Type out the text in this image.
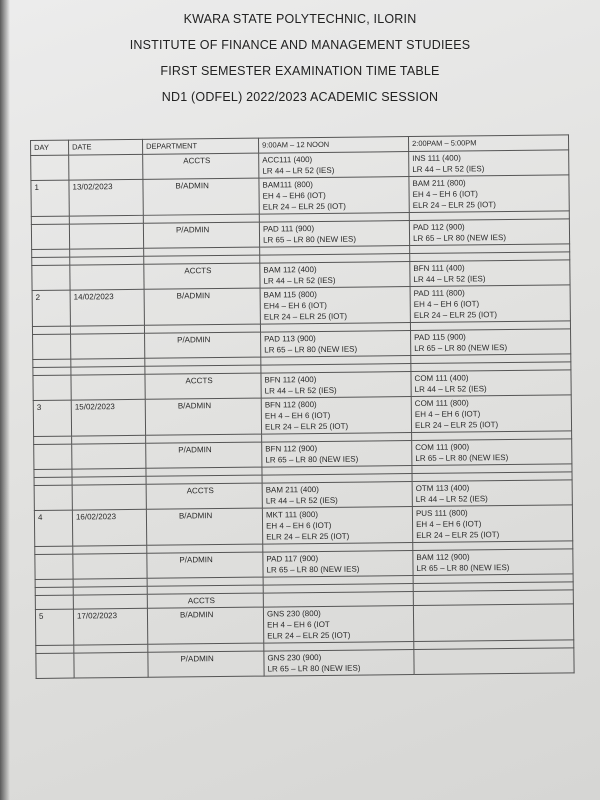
KWARA STATE POLYTECHNIC, ILORIN
INSTITUTE OF FINANCE AND MANAGEMENT STUDIEES
FIRST SEMESTER EXAMINATION TIME TABLE
ND1 (ODFEL) 2022/2023 ACADEMIC SESSION
DAY	DATE	DEPARTMENT	9:00AM – 12 NOON	2:00PAM – 5:00PM
		ACCTS	ACC111 (400)
LR 44 – LR 52 (IES)	INS 111 (400)
LR 44 – LR 52 (IES)

1	13/02/2023	B/ADMIN	BAM111 (800)
EH 4 – EH6 (IOT)
ELR 24 – ELR 25 (IOT)	BAM 211 (800)
EH 4 – EH 6 (IOT)
ELR 24 – ELR 25 (IOT)

		P/ADMIN	PAD 111 (900)
LR 65 – LR 80 (NEW IES)	PAD 112 (900)
LR 65 – LR 80 (NEW IES)

		ACCTS	BAM 112 (400)
LR 44 – LR 52 (IES)	BFN 111 (400)
LR 44 – LR 52 (IES)

2	14/02/2023	B/ADMIN	BAM 115 (800)
EH4 – EH 6 (IOT)
ELR 24 – ELR 25 (IOT)	PAD 111 (800)
EH 4 – EH 6 (IOT)
ELR 24 – ELR 25 (IOT)

		P/ADMIN	PAD 113 (900)
LR 65 – LR 80 (NEW IES)	PAD 115 (900)
LR 65 – LR 80 (NEW IES)

		ACCTS	BFN 112 (400)
LR 44 – LR 52 (IES)	COM 111 (400)
LR 44 – LR 52 (IES)

3	15/02/2023	B/ADMIN	BFN 112 (800)
EH 4 – EH 6 (IOT)
ELR 24 – ELR 25 (IOT)	COM 111 (800)
EH 4 – EH 6 (IOT)
ELR 24 – ELR 25 (IOT)

		P/ADMIN	BFN 112 (900)
LR 65 – LR 80 (NEW IES)	COM 111 (900)
LR 65 – LR 80 (NEW IES)

		ACCTS	BAM 211 (400)
LR 44 – LR 52 (IES)	OTM 113 (400)
LR 44 – LR 52 (IES)

4	16/02/2023	B/ADMIN	MKT 111 (800)
EH 4 – EH 6 (IOT)
ELR 24 – ELR 25 (IOT)	PUS 111 (800)
EH 4 – EH 6 (IOT)
ELR 24 – ELR 25 (IOT)

		P/ADMIN	PAD 117 (900)
LR 65 – LR 80 (NEW IES)	BAM 112 (900)
LR 65 – LR 80 (NEW IES)

		ACCTS		
5	17/02/2023	B/ADMIN	GNS 230 (800)
EH 4 – EH 6 (IOT
ELR 24 – ELR 25 (IOT)	

		P/ADMIN	GNS 230 (900)
LR 65 – LR 80 (NEW IES)	
